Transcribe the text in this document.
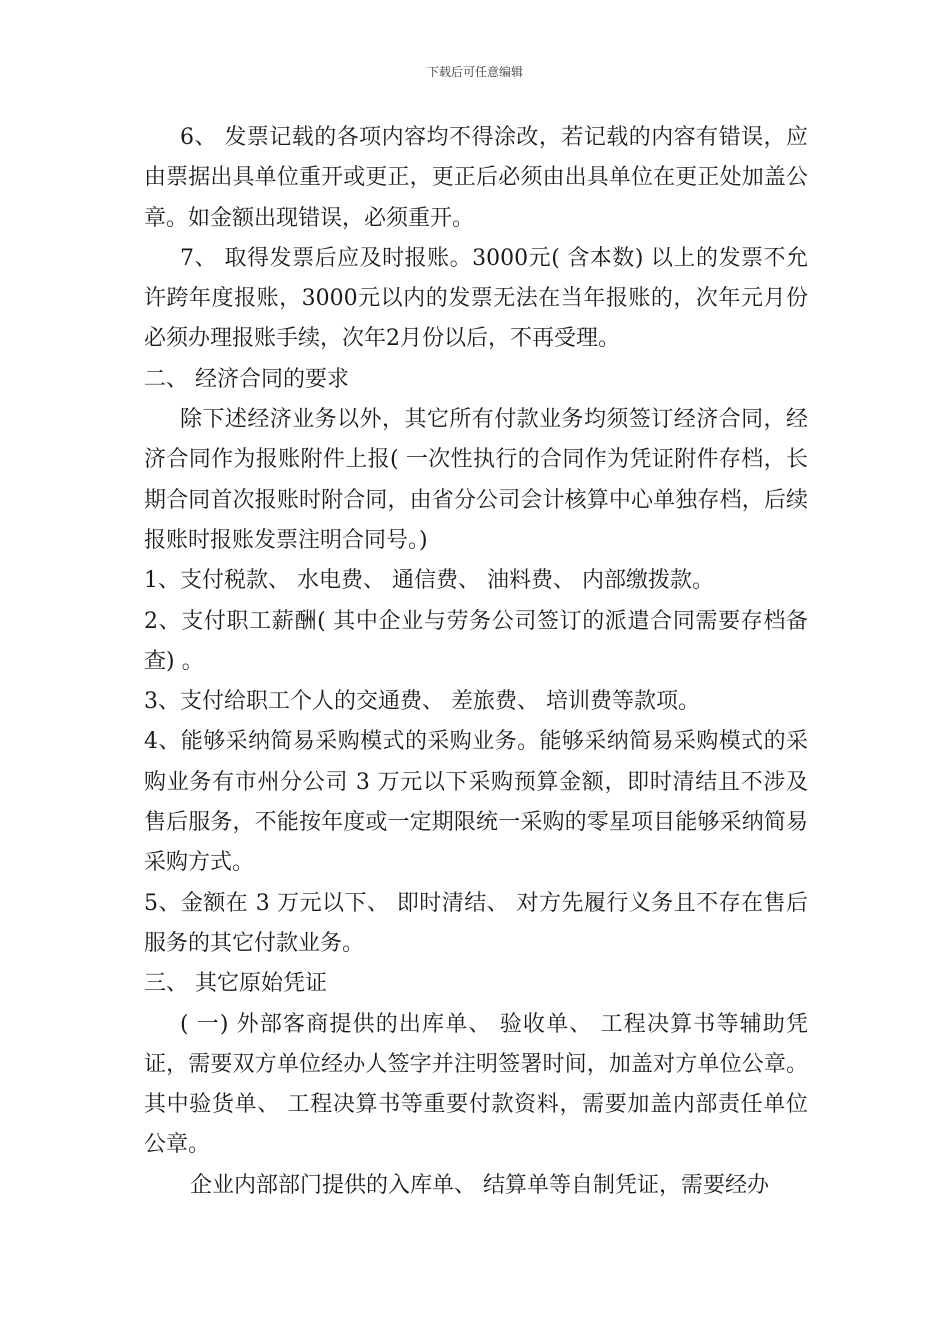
下载后可任意编辑

6、 发票记载的各项内容均不得涂改，若记载的内容有错误，应由票据出具单位重开或更正，更正后必须由出具单位在更正处加盖公章。如金额出现错误，必须重开。

7、 取得发票后应及时报账。3000元( 含本数) 以上的发票不允许跨年度报账，3000元以内的发票无法在当年报账的，次年元月份必须办理报账手续，次年2月份以后，不再受理。

二、 经济合同的要求

除下述经济业务以外，其它所有付款业务均须签订经济合同，经济合同作为报账附件上报( 一次性执行的合同作为凭证附件存档，长期合同首次报账时附合同，由省分公司会计核算中心单独存档，后续报账时报账发票注明合同号。)

1、支付税款、 水电费、 通信费、 油料费、 内部缴拨款。

2、支付职工薪酬( 其中企业与劳务公司签订的派遣合同需要存档备查) 。

3、支付给职工个人的交通费、 差旅费、 培训费等款项。

4、能够采纳简易采购模式的采购业务。能够采纳简易采购模式的采购业务有市州分公司 3 万元以下采购预算金额，即时清结且不涉及售后服务，不能按年度或一定期限统一采购的零星项目能够采纳简易采购方式。

5、金额在 3 万元以下、 即时清结、 对方先履行义务且不存在售后服务的其它付款业务。

三、 其它原始凭证

( 一) 外部客商提供的出库单、 验收单、 工程决算书等辅助凭证，需要双方单位经办人签字并注明签署时间，加盖对方单位公章。其中验货单、 工程决算书等重要付款资料，需要加盖内部责任单位公章。

企业内部部门提供的入库单、 结算单等自制凭证，需要经办
